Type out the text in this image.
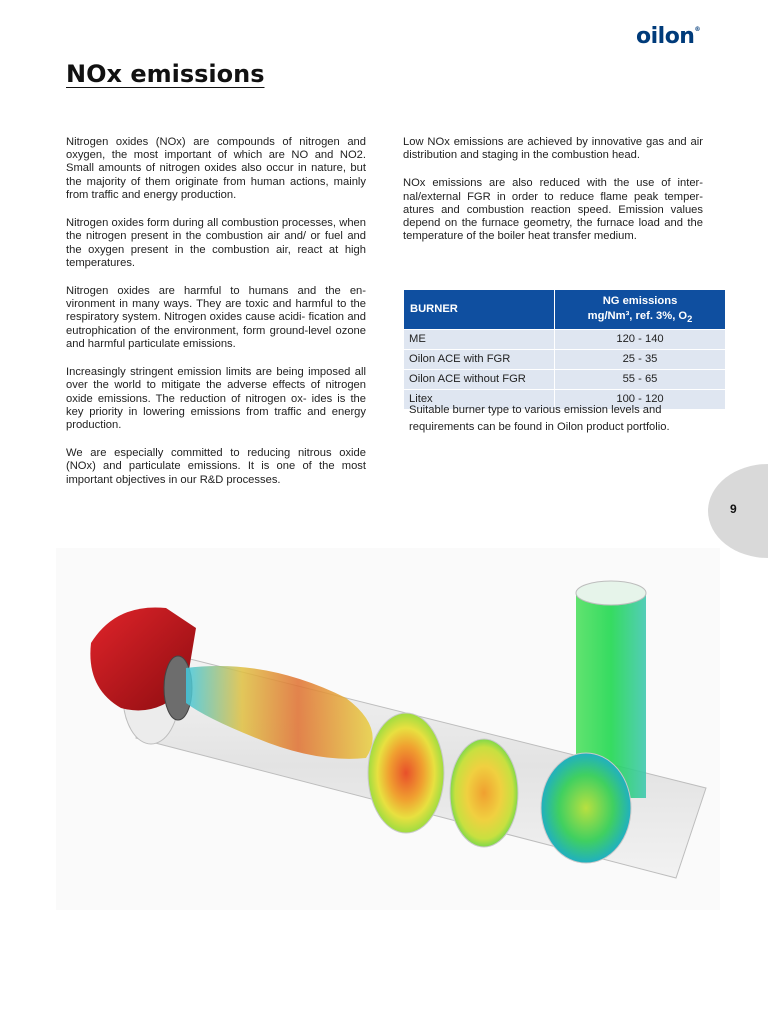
oilon®
NOx emissions

Nitrogen oxides (NOx) are compounds of nitrogen and oxygen, the most important of which are NO and NO2. Small amounts of nitrogen oxides also occur in nature, but the majority of them originate from human actions, mainly from traffic and energy production.

Nitrogen oxides form during all combustion processes, when the nitrogen present in the combustion air and/ or fuel and the oxygen present in the combustion air, react at high temperatures.

Nitrogen oxides are harmful to humans and the en- vironment in many ways. They are toxic and harmful to the respiratory system. Nitrogen oxides cause acidi- fication and eutrophication of the environment, form ground-level ozone and harmful particulate emissions.

Increasingly stringent emission limits are being imposed all over the world to mitigate the adverse effects of nitrogen oxide emissions. The reduction of nitrogen ox- ides is the key priority in lowering emissions from traffic and energy production.

We are especially committed to reducing nitrous oxide (NOx) and particulate emissions. It is one of the most important objectives in our R&D processes.

Low NOx emissions are achieved by innovative gas and air distribution and staging in the combustion head.

NOx emissions are also reduced with the use of inter- nal/external FGR in order to reduce flame peak temper- atures and combustion reaction speed. Emission values depend on the furnace geometry, the furnace load and the temperature of the boiler heat transfer medium.

BURNER	NG emissions
mg/Nm³, ref. 3%, $O_2$
ME	120 - 140
Oilon ACE with FGR	25 - 35
Oilon ACE without FGR	55 - 65
Litex	100 - 120
Suitable burner type to various emission levels and requirements can be found in Oilon product portfolio.
9
